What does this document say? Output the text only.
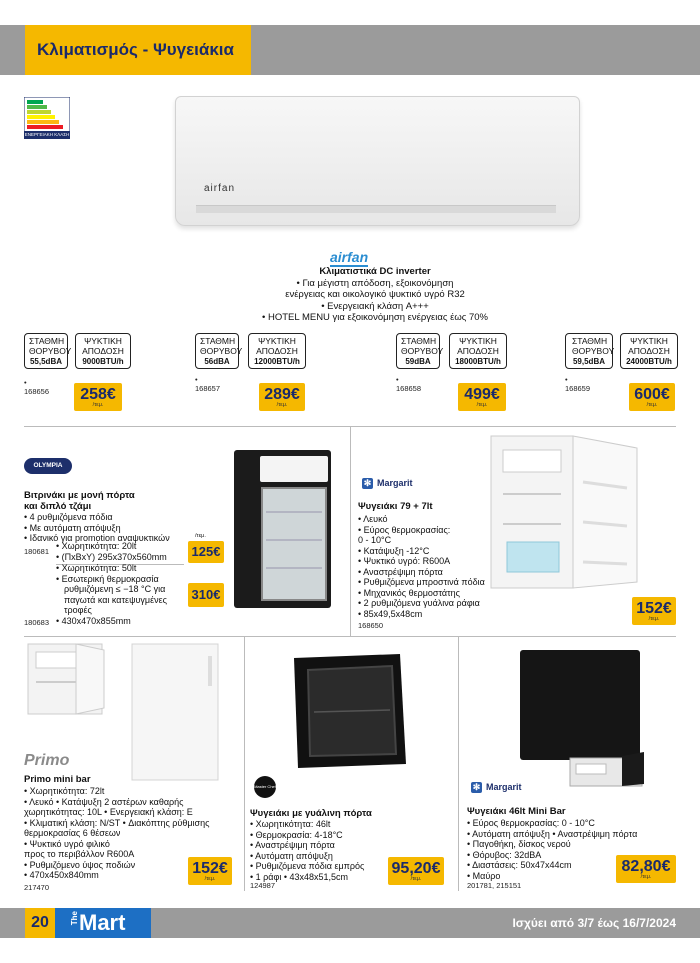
Κλιματισμός - Ψυγειάκια
ΕΝΕΡΓΕΙΑΚΗ ΚΛΑΣΗ
airfan
airfan
Κλιματιστικά DC inverter
• Για μέγιστη απόδοση, εξοικονόμηση
ενέργειας και οικολογικό ψυκτικό υγρό R32
• Ενεργειακή κλάση A+++
• HOTEL MENU για εξοικονόμηση ενέργειας έως 70%
ΣΤΑΘΜΗ ΘΟΡΥΒΟΥ
55,5dBA
ΨΥΚΤΙΚΗ ΑΠΟΔΟΣΗ
9000BTU/h
• 168656	258€
/τεμ.
ΣΤΑΘΜΗ ΘΟΡΥΒΟΥ
56dBA
ΨΥΚΤΙΚΗ ΑΠΟΔΟΣΗ
12000BTU/h
• 168657	289€
/τεμ.
ΣΤΑΘΜΗ ΘΟΡΥΒΟΥ
59dBA
ΨΥΚΤΙΚΗ ΑΠΟΔΟΣΗ
18000BTU/h
• 168658	499€
/τεμ.
ΣΤΑΘΜΗ ΘΟΡΥΒΟΥ
59,5dBA
ΨΥΚΤΙΚΗ ΑΠΟΔΟΣΗ
24000BTU/h
• 168659	600€
/τεμ.
OLYMPIA
Βιτρινάκι με μονή πόρτα
και διπλό τζάμι
• 4 ρυθμιζόμενα πόδια
• Με αυτόματη απόψυξη
• Ιδανικό για promotion αναψυκτικών	/τεμ.
180681
• Χωρητικότητα: 20lt
• (ΠxΒxΥ) 295x370x560mm 125€
• Χωρητικότητα: 50lt
• Εσωτερική θερμοκρασία
ρυθμιζόμενη ≤ −18 °C για
παγωτά και κατεψυγμένες
τροφές
• 430x470x855mm
180683
310€
✻ Margarit
Ψυγειάκι 79 + 7lt
• Λευκό
• Εύρος θερμοκρασίας:
0 - 10°C
• Κατάψυξη -12°C
• Ψυκτικό υγρό: R600A
• Αναστρέψιμη πόρτα
• Ρυθμιζόμενα μπροστινά πόδια
• Μηχανικός θερμοστάτης
• 2 ρυθμιζόμενα γυάλινα ράφια
• 85x49,5x48cm
168650
152€
/τεμ.
Primo
Primo mini bar
• Χωρητικότητα: 72lt
• Λευκό • Κατάψυξη 2 αστέρων καθαρής
χωρητικότητας: 10L • Ενεργειακή κλάση: E
• Κλιματική κλάση: N/ST • Διακόπτης ρύθμισης
θερμοκρασίας 6 θέσεων
• Ψυκτικό υγρό φιλικό
προς το περιβάλλον R600A
• Ρυθμιζόμενο ύψος ποδιών
• 470x450x840mm
217470
152€
/τεμ.
Master Chef
Ψυγειάκι με γυάλινη πόρτα
• Χωρητικότητα: 46lt
• Θερμοκρασία: 4-18°C
• Αναστρέψιμη πόρτα
• Αυτόματη απόψυξη
• Ρυθμιζόμενα πόδια εμπρός
• 1 ράφι • 43x48x51,5cm
124987
95,20€
/τεμ.
✻ Margarit
Ψυγειάκι 46lt Mini Bar
• Εύρος θερμοκρασίας: 0 - 10°C
• Αυτόματη απόψυξη • Αναστρέψιμη πόρτα
• Παγοθήκη, δίσκος νερού
• Θόρυβος: 32dBA
• Διαστάσεις: 50x47x44cm
• Μαύρο
201781, 215151
82,80€
/τεμ.
20	The Mart	Ισχύει από 3/7 έως 16/7/2024
